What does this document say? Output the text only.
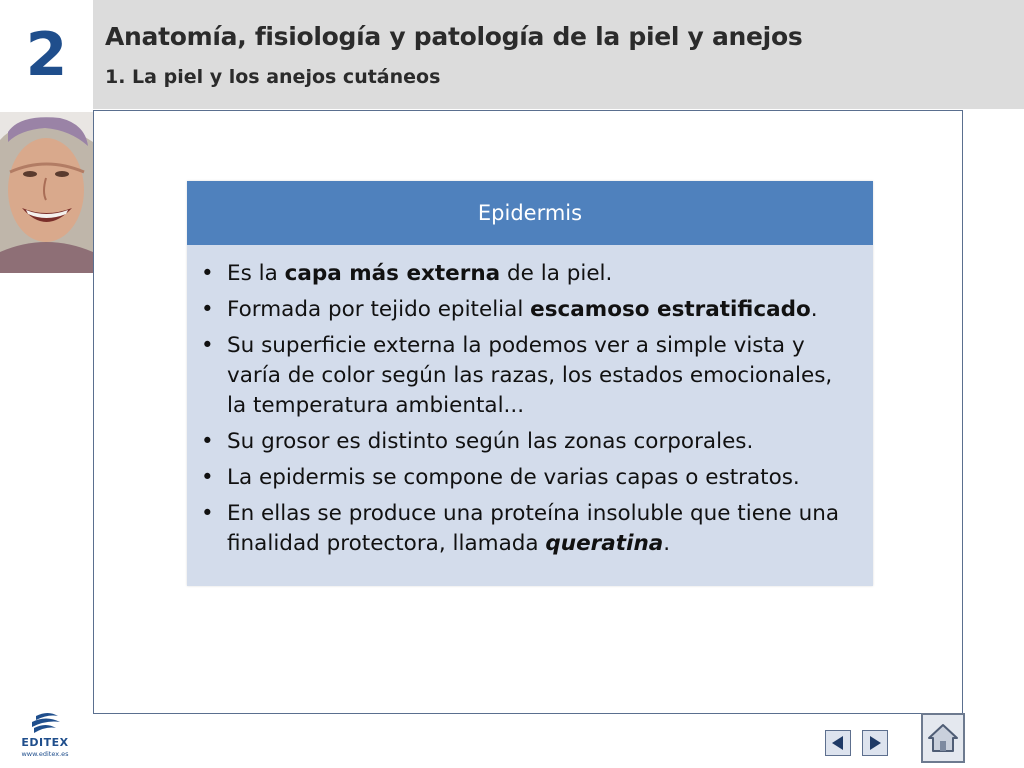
2	Anatomía, fisiología y patología de la piel y anejos
1. La piel y los anejos cutáneos
Epidermis
• Es la capa más externa de la piel.
• Formada por tejido epitelial escamoso estratificado.
• Su superficie externa la podemos ver a simple vista y varía de color según las razas, los estados emocionales, la temperatura ambiental...
• Su grosor es distinto según las zonas corporales.
• La epidermis se compone de varias capas o estratos.
• En ellas se produce una proteína insoluble que tiene una finalidad protectora, llamada queratina.
EDITEX
www.editex.es
